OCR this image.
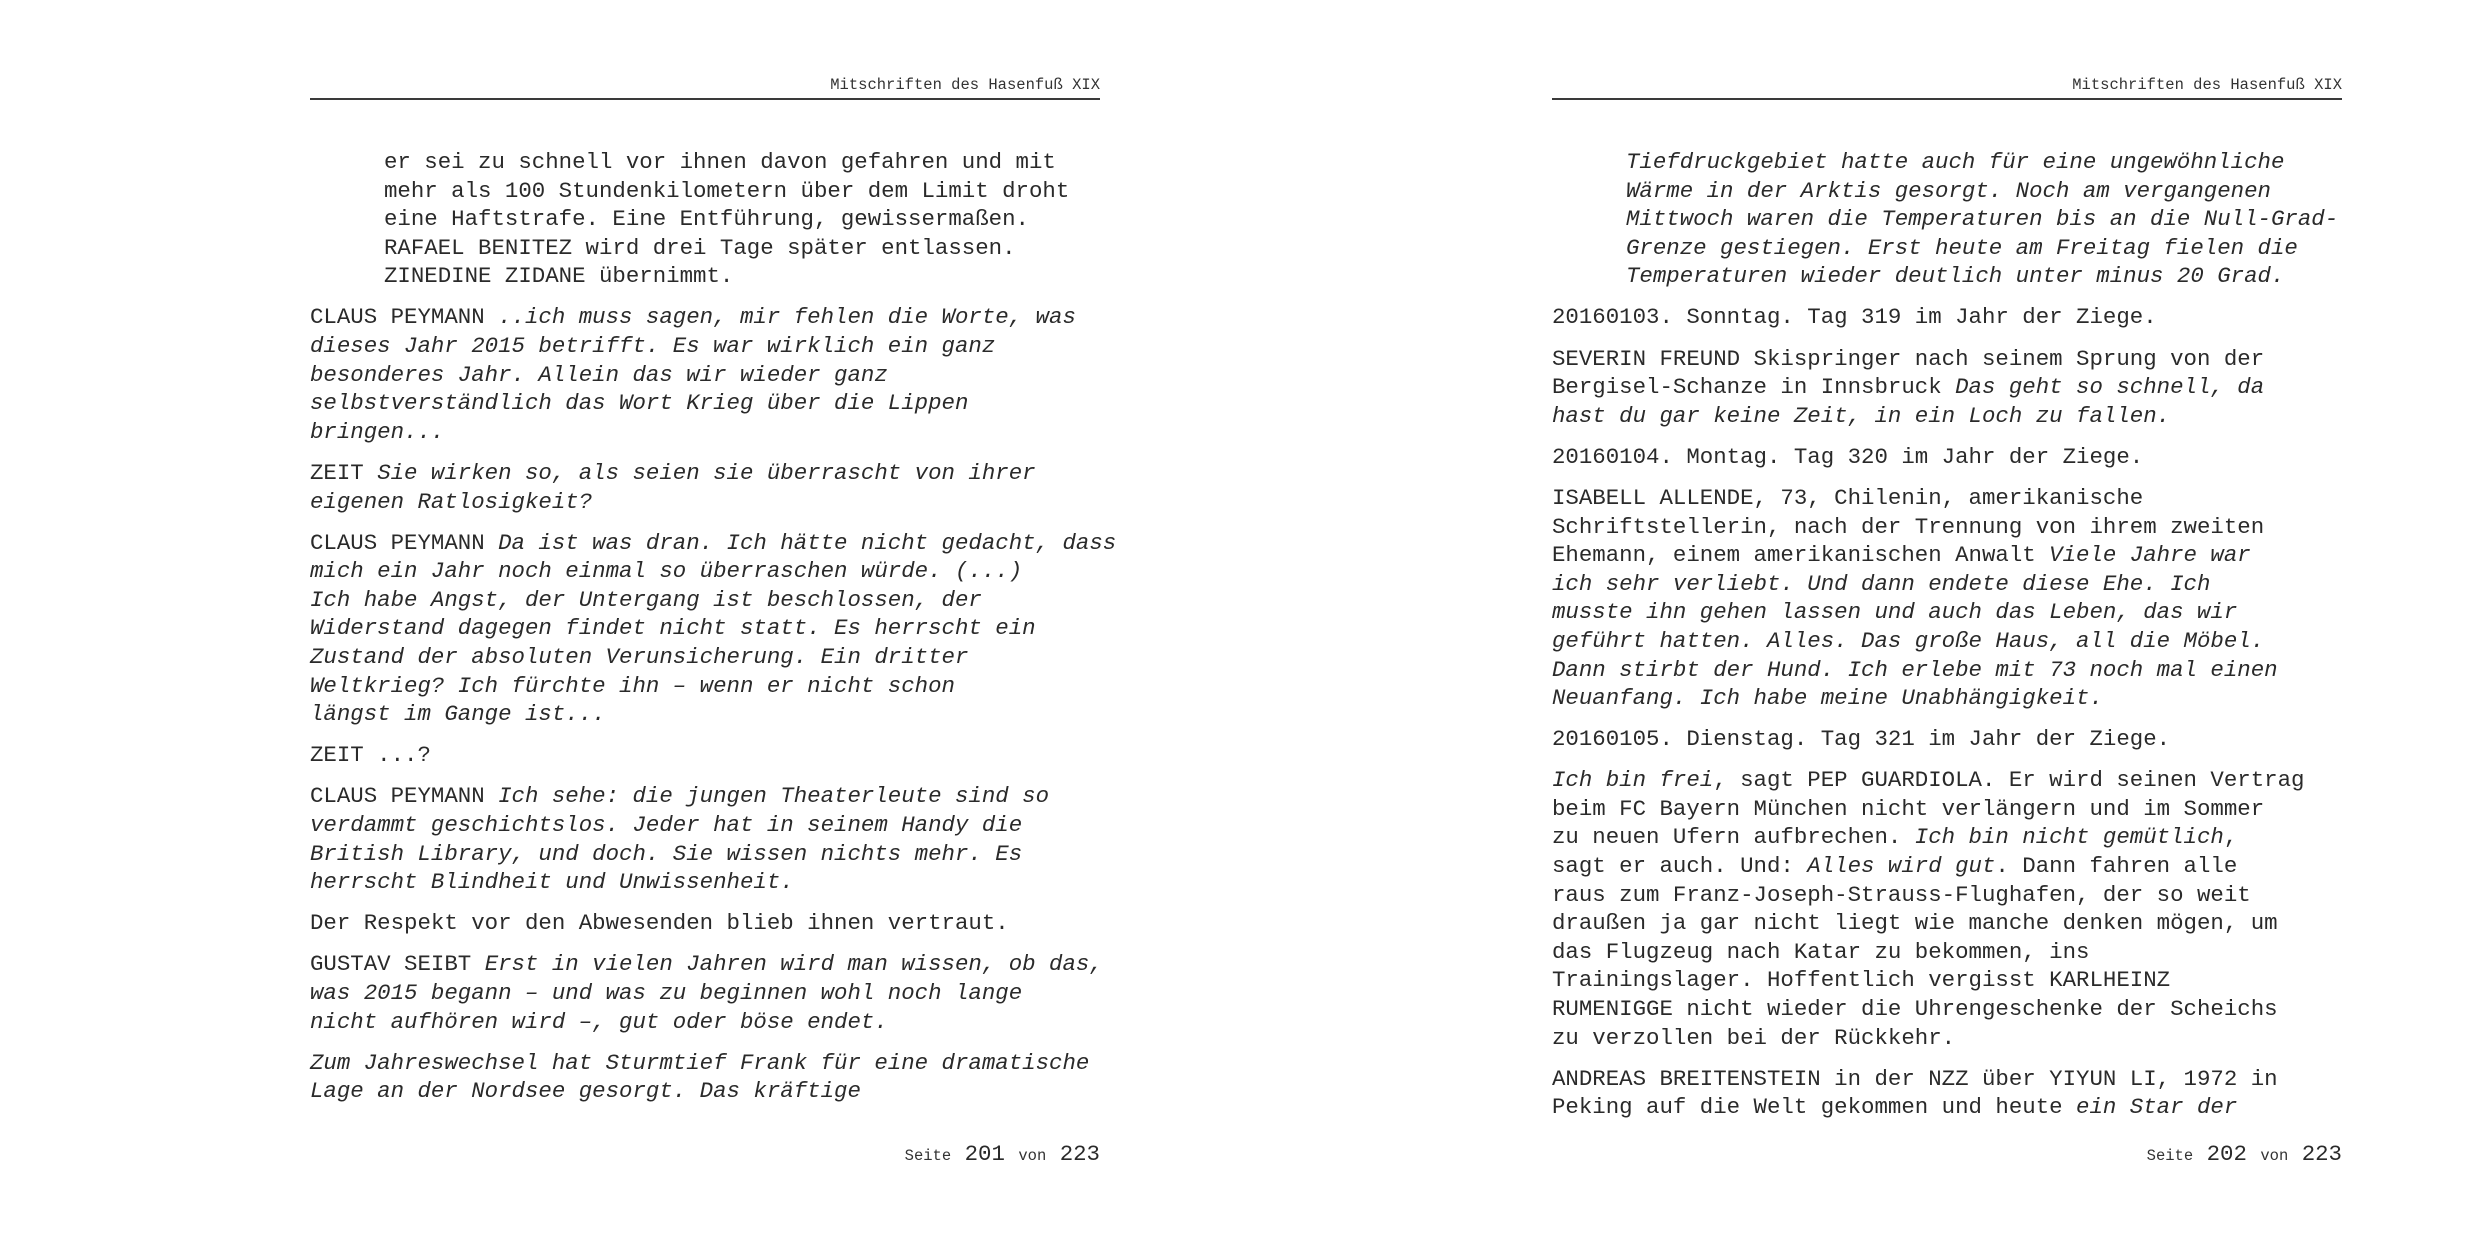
Mitschriften des Hasenfuß XIX
er sei zu schnell vor ihnen davon gefahren und mit
mehr als 100 Stundenkilometern über dem Limit droht
eine Haftstrafe. Eine Entführung, gewissermaßen.
RAFAEL BENITEZ wird drei Tage später entlassen.
ZINEDINE ZIDANE übernimmt.
CLAUS PEYMANN ..ich muss sagen, mir fehlen die Worte, was
dieses Jahr 2015 betrifft. Es war wirklich ein ganz
besonderes Jahr. Allein das wir wieder ganz
selbstverständlich das Wort Krieg über die Lippen
bringen...
ZEIT Sie wirken so, als seien sie überrascht von ihrer
eigenen Ratlosigkeit?
CLAUS PEYMANN Da ist was dran. Ich hätte nicht gedacht, dass
mich ein Jahr noch einmal so überraschen würde. (...)
Ich habe Angst, der Untergang ist beschlossen, der
Widerstand dagegen findet nicht statt. Es herrscht ein
Zustand der absoluten Verunsicherung. Ein dritter
Weltkrieg? Ich fürchte ihn – wenn er nicht schon
längst im Gange ist...
ZEIT ...?
CLAUS PEYMANN Ich sehe: die jungen Theaterleute sind so
verdammt geschichtslos. Jeder hat in seinem Handy die
British Library, und doch. Sie wissen nichts mehr. Es
herrscht Blindheit und Unwissenheit.
Der Respekt vor den Abwesenden blieb ihnen vertraut.
GUSTAV SEIBT Erst in vielen Jahren wird man wissen, ob das,
was 2015 begann – und was zu beginnen wohl noch lange
nicht aufhören wird –, gut oder böse endet.
Zum Jahreswechsel hat Sturmtief Frank für eine dramatische
Lage an der Nordsee gesorgt. Das kräftige
Seite 201 von 223
Mitschriften des Hasenfuß XIX
Tiefdruckgebiet hatte auch für eine ungewöhnliche
Wärme in der Arktis gesorgt. Noch am vergangenen
Mittwoch waren die Temperaturen bis an die Null-Grad-
Grenze gestiegen. Erst heute am Freitag fielen die
Temperaturen wieder deutlich unter minus 20 Grad.
20160103. Sonntag. Tag 319 im Jahr der Ziege.
SEVERIN FREUND Skispringer nach seinem Sprung von der
Bergisel-Schanze in Innsbruck Das geht so schnell, da
hast du gar keine Zeit, in ein Loch zu fallen.
20160104. Montag. Tag 320 im Jahr der Ziege.
ISABELL ALLENDE, 73, Chilenin, amerikanische
Schriftstellerin, nach der Trennung von ihrem zweiten
Ehemann, einem amerikanischen Anwalt Viele Jahre war
ich sehr verliebt. Und dann endete diese Ehe. Ich
musste ihn gehen lassen und auch das Leben, das wir
geführt hatten. Alles. Das große Haus, all die Möbel.
Dann stirbt der Hund. Ich erlebe mit 73 noch mal einen
Neuanfang. Ich habe meine Unabhängigkeit.
20160105. Dienstag. Tag 321 im Jahr der Ziege.
Ich bin frei, sagt PEP GUARDIOLA. Er wird seinen Vertrag
beim FC Bayern München nicht verlängern und im Sommer
zu neuen Ufern aufbrechen. Ich bin nicht gemütlich,
sagt er auch. Und: Alles wird gut. Dann fahren alle
raus zum Franz-Joseph-Strauss-Flughafen, der so weit
draußen ja gar nicht liegt wie manche denken mögen, um
das Flugzeug nach Katar zu bekommen, ins
Trainingslager. Hoffentlich vergisst KARLHEINZ
RUMENIGGE nicht wieder die Uhrengeschenke der Scheichs
zu verzollen bei der Rückkehr.
ANDREAS BREITENSTEIN in der NZZ über YIYUN LI, 1972 in
Peking auf die Welt gekommen und heute ein Star der
Seite 202 von 223
